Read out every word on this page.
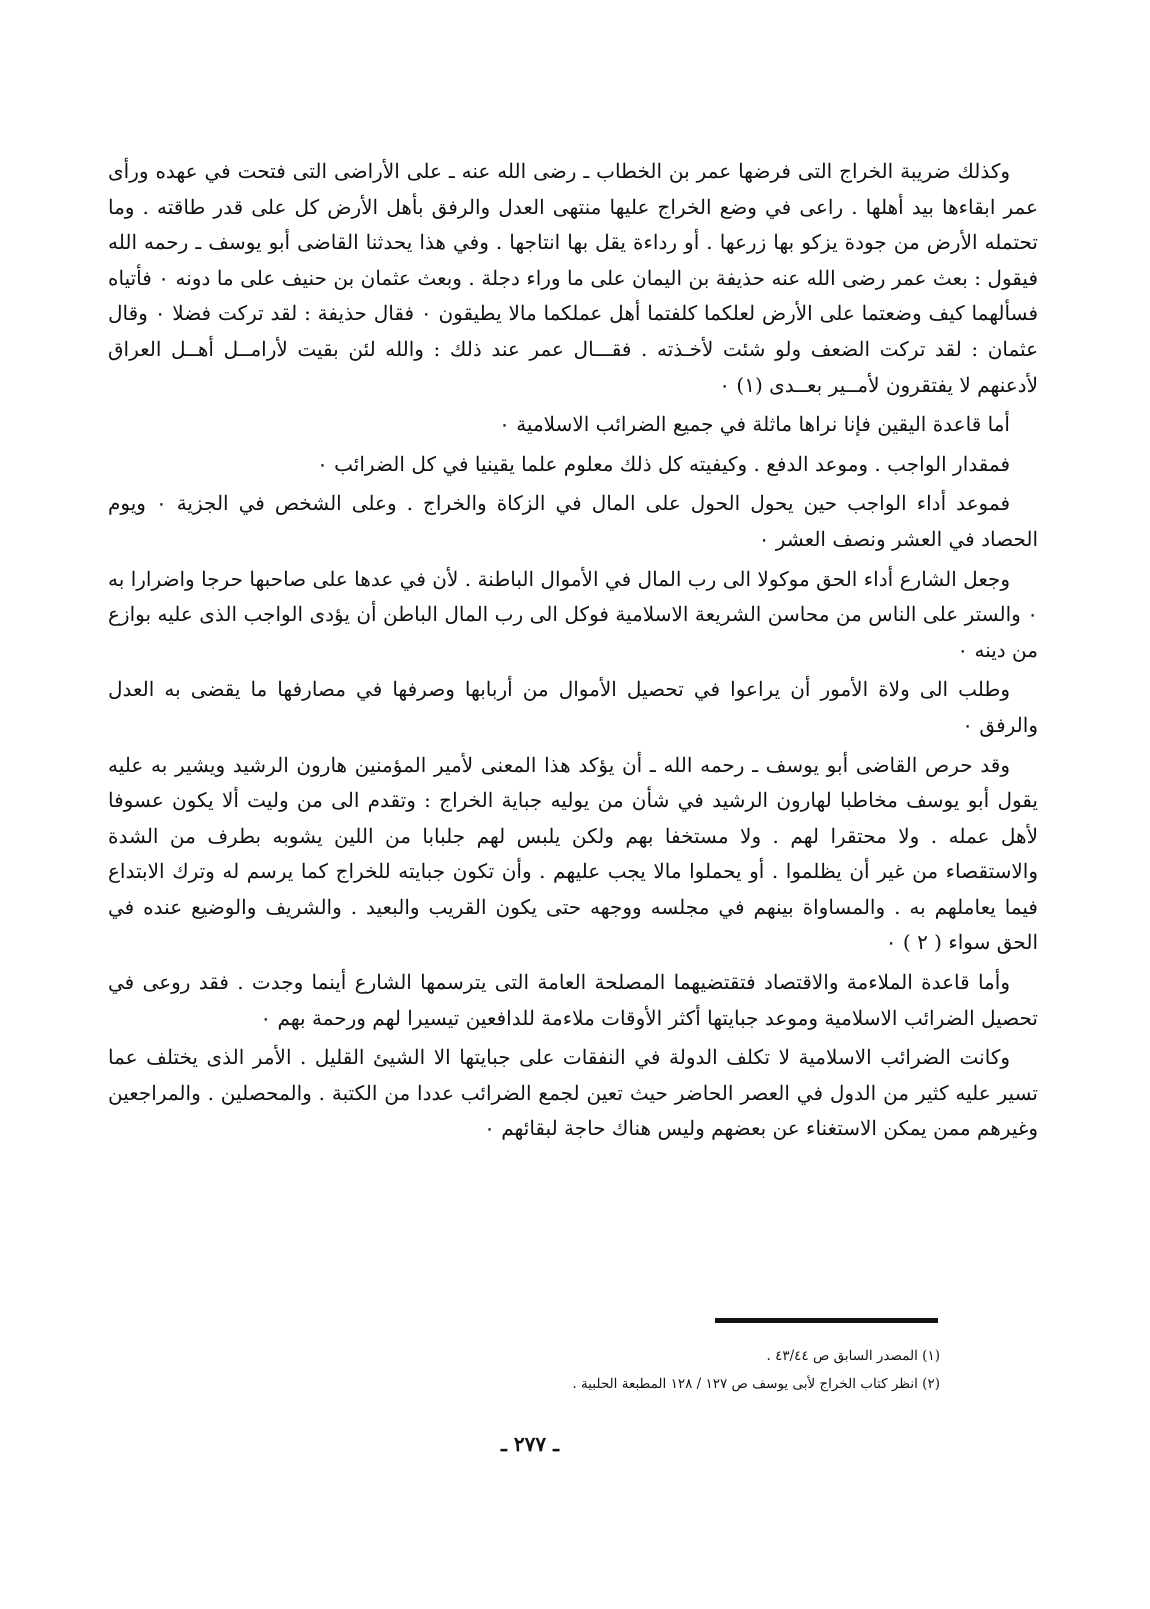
وكذلك ضريبة الخراج التى فرضها عمر بن الخطاب ـ رضى الله عنه ـ على الأراضى التى فتحت في عهده ورأى عمر ابقاءها بيد أهلها . راعى في وضع الخراج عليها منتهى العدل والرفق بأهل الأرض كل على قدر طاقته . وما تحتمله الأرض من جودة يزكو بها زرعها . أو رداءة يقل بها انتاجها . وفي هذا يحدثنا القاضى أبو يوسف ـ رحمه الله فيقول : بعث عمر رضى الله عنه حذيفة بن اليمان على ما وراء دجلة . وبعث عثمان بن حنيف على ما دونه ٠ فأتياه فسألهما كيف وضعتما على الأرض لعلكما كلفتما أهل عملكما مالا يطيقون ٠ فقال حذيفة : لقد تركت فضلا ٠ وقال عثمان : لقد تركت الضعف ولو شئت لأخـذته . فقـــال عمر عند ذلك : والله لئن بقيت لأرامــل أهــل العراق لأدعنهم لا يفتقرون لأمــير بعــدى (١) ٠

أما قاعدة اليقين فإنا نراها ماثلة في جميع الضرائب الاسلامية ٠

فمقدار الواجب . وموعد الدفع . وكيفيته كل ذلك معلوم علما يقينيا في كل الضرائب ٠

فموعد أداء الواجب حين يحول الحول على المال في الزكاة والخراج . وعلى الشخص في الجزية ٠ ويوم الحصاد في العشر ونصف العشر ٠

وجعل الشارع أداء الحق موكولا الى رب المال في الأموال الباطنة . لأن في عدها على صاحبها حرجا واضرارا به ٠ والستر على الناس من محاسن الشريعة الاسلامية فوكل الى رب المال الباطن أن يؤدى الواجب الذى عليه بوازع من دينه ٠

وطلب الى ولاة الأمور أن يراعوا في تحصيل الأموال من أربابها وصرفها في مصارفها ما يقضى به العدل والرفق ٠

وقد حرص القاضى أبو يوسف ـ رحمه الله ـ أن يؤكد هذا المعنى لأمير المؤمنين هارون الرشيد ويشير به عليه يقول أبو يوسف مخاطبا لهارون الرشيد في شأن من يوليه جباية الخراج : وتقدم الى من وليت ألا يكون عسوفا لأهل عمله . ولا محتقرا لهم . ولا مستخفا بهم ولكن يلبس لهم جلبابا من اللين يشوبه بطرف من الشدة والاستقصاء من غير أن يظلموا . أو يحملوا مالا يجب عليهم . وأن تكون جبايته للخراج كما يرسم له وترك الابتداع فيما يعاملهم به . والمساواة بينهم في مجلسه ووجهه حتى يكون القريب والبعيد . والشريف والوضيع عنده في الحق سواء ( ٢ ) ٠

وأما قاعدة الملاءمة والاقتصاد فتقتضيهما المصلحة العامة التى يترسمها الشارع أينما وجدت . فقد روعى في تحصيل الضرائب الاسلامية وموعد جبايتها أكثر الأوقات ملاءمة للدافعين تيسيرا لهم ورحمة بهم ٠

وكانت الضرائب الاسلامية لا تكلف الدولة في النفقات على جبايتها الا الشيئ القليل . الأمر الذى يختلف عما تسير عليه كثير من الدول في العصر الحاضر حيث تعين لجمع الضرائب عددا من الكتبة . والمحصلين . والمراجعين وغيرهم ممن يمكن الاستغناء عن بعضهم وليس هناك حاجة لبقائهم ٠

(١) المصدر السابق ص ٤٣/٤٤ .
(٢) انظر كتاب الخراج لأبى يوسف ص ١٢٧ / ١٢٨ المطبعة الحلبية .
ـ ٢٧٧ ـ
